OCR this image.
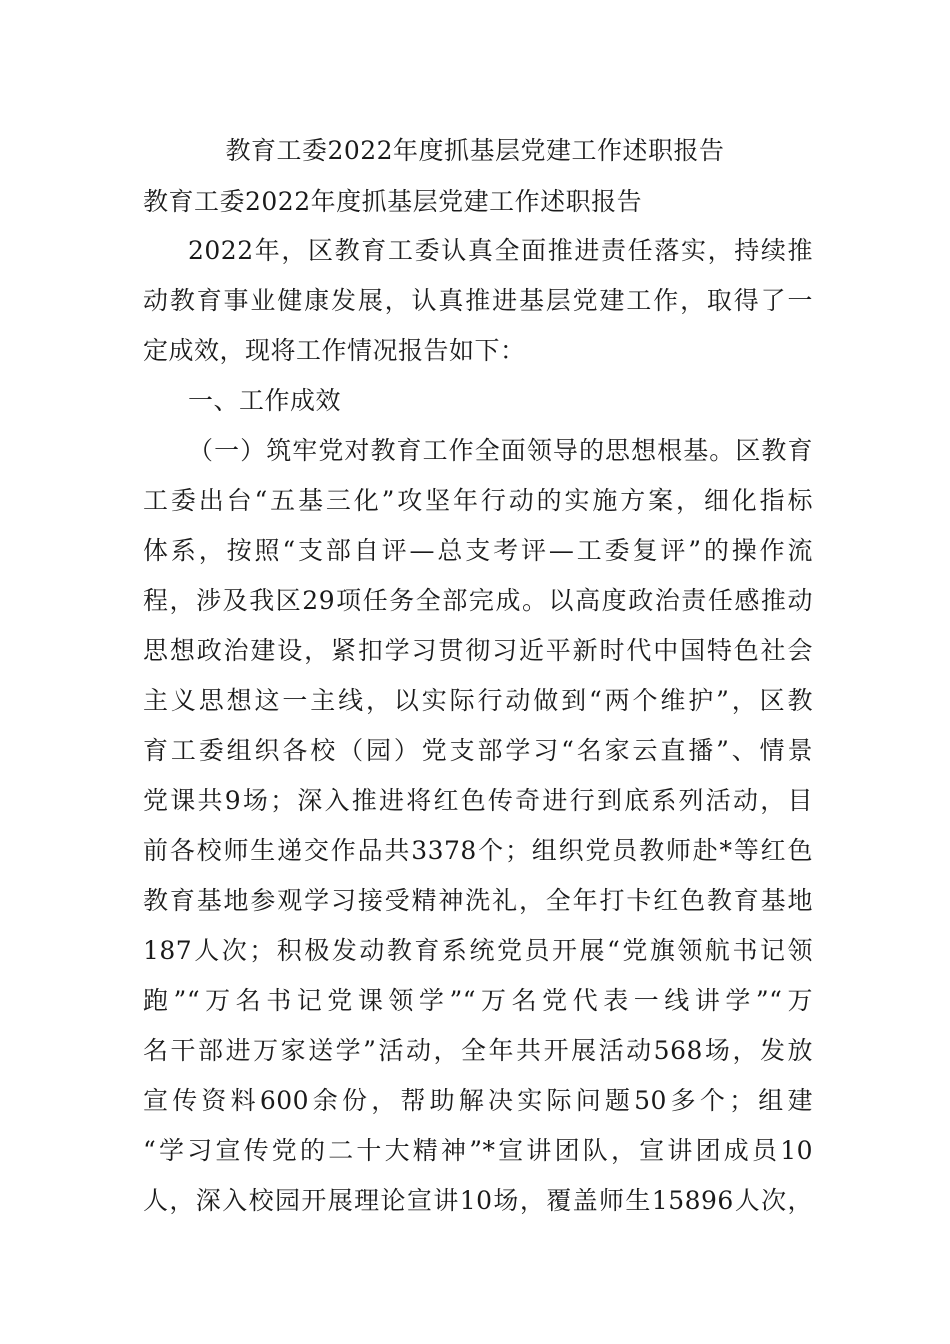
教育工委2022年度抓基层党建工作述职报告
教育工委2022年度抓基层党建工作述职报告
2022年，区教育工委认真全面推进责任落实，持续推
动教育事业健康发展，认真推进基层党建工作，取得了一
定成效，现将工作情况报告如下：
一、工作成效
（一）筑牢党对教育工作全面领导的思想根基。区教育
工委出台“五基三化”攻坚年行动的实施方案，细化指标
体系，按照“支部自评—总支考评—工委复评”的操作流
程，涉及我区29项任务全部完成。以高度政治责任感推动
思想政治建设，紧扣学习贯彻习近平新时代中国特色社会
主义思想这一主线，以实际行动做到“两个维护”，区教
育工委组织各校（园）党支部学习“名家云直播”、情景
党课共9场；深入推进将红色传奇进行到底系列活动，目
前各校师生递交作品共3378个；组织党员教师赴*等红色
教育基地参观学习接受精神洗礼，全年打卡红色教育基地
187人次；积极发动教育系统党员开展“党旗领航书记领
跑”“万名书记党课领学”“万名党代表一线讲学”“万
名干部进万家送学”活动，全年共开展活动568场，发放
宣传资料600余份，帮助解决实际问题50多个；组建
“学习宣传党的二十大精神”*宣讲团队，宣讲团成员10
人，深入校园开展理论宣讲10场，覆盖师生15896人次，
